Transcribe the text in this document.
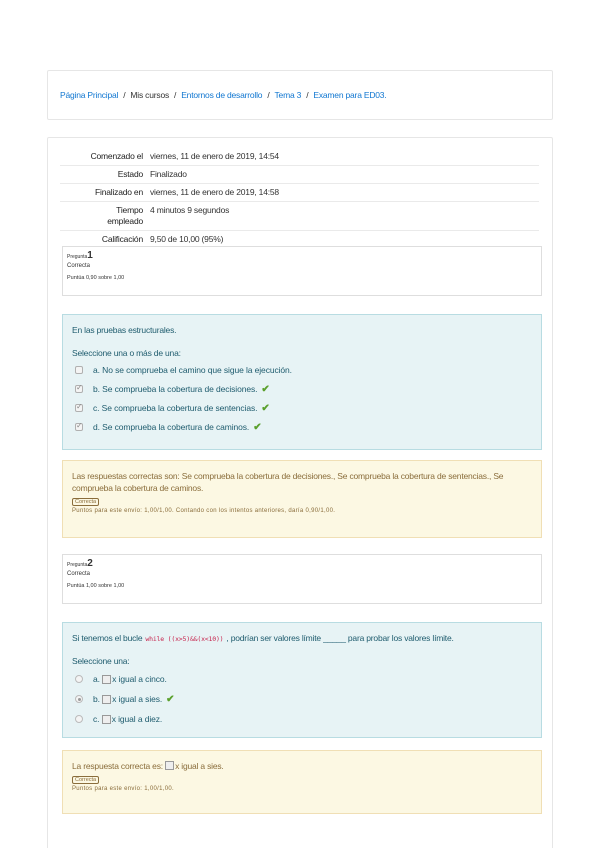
Página Principal / Mis cursos / Entornos de desarrollo / Tema 3 / Examen para ED03.
Comenzado el	viernes, 11 de enero de 2019, 14:54
Estado	Finalizado
Finalizado en	viernes, 11 de enero de 2019, 14:58
Tiempo
empleado	4 minutos 9 segundos
Calificación	9,50 de 10,00 (95%)
Pregunta1
Correcta
Puntúa 0,90 sobre 1,00
En las pruebas estructurales.
Seleccione una o más de una:
a. No se comprueba el camino que sigue la ejecución.
✓
b. Se comprueba la cobertura de decisiones. ✔
✓
c. Se comprueba la cobertura de sentencias. ✔
✓
d. Se comprueba la cobertura de caminos. ✔
Las respuestas correctas son: Se comprueba la cobertura de decisiones., Se comprueba la cobertura de sentencias., Se comprueba la cobertura de caminos.
Correcta
Puntos para este envío: 1,00/1,00. Contando con los intentos anteriores, daría 0,90/1,00.
Pregunta2
Correcta
Puntúa 1,00 sobre 1,00
Si tenemos el bucle while ((x>5)&&(x<10)) , podrían ser valores límite _____ para probar los valores límite.
Seleccione una:
a.
x igual a cinco.
b.
x igual a sies. ✔
c.
x igual a diez.
La respuesta correcta es: x igual a sies.
Correcta
Puntos para este envío: 1,00/1,00.
